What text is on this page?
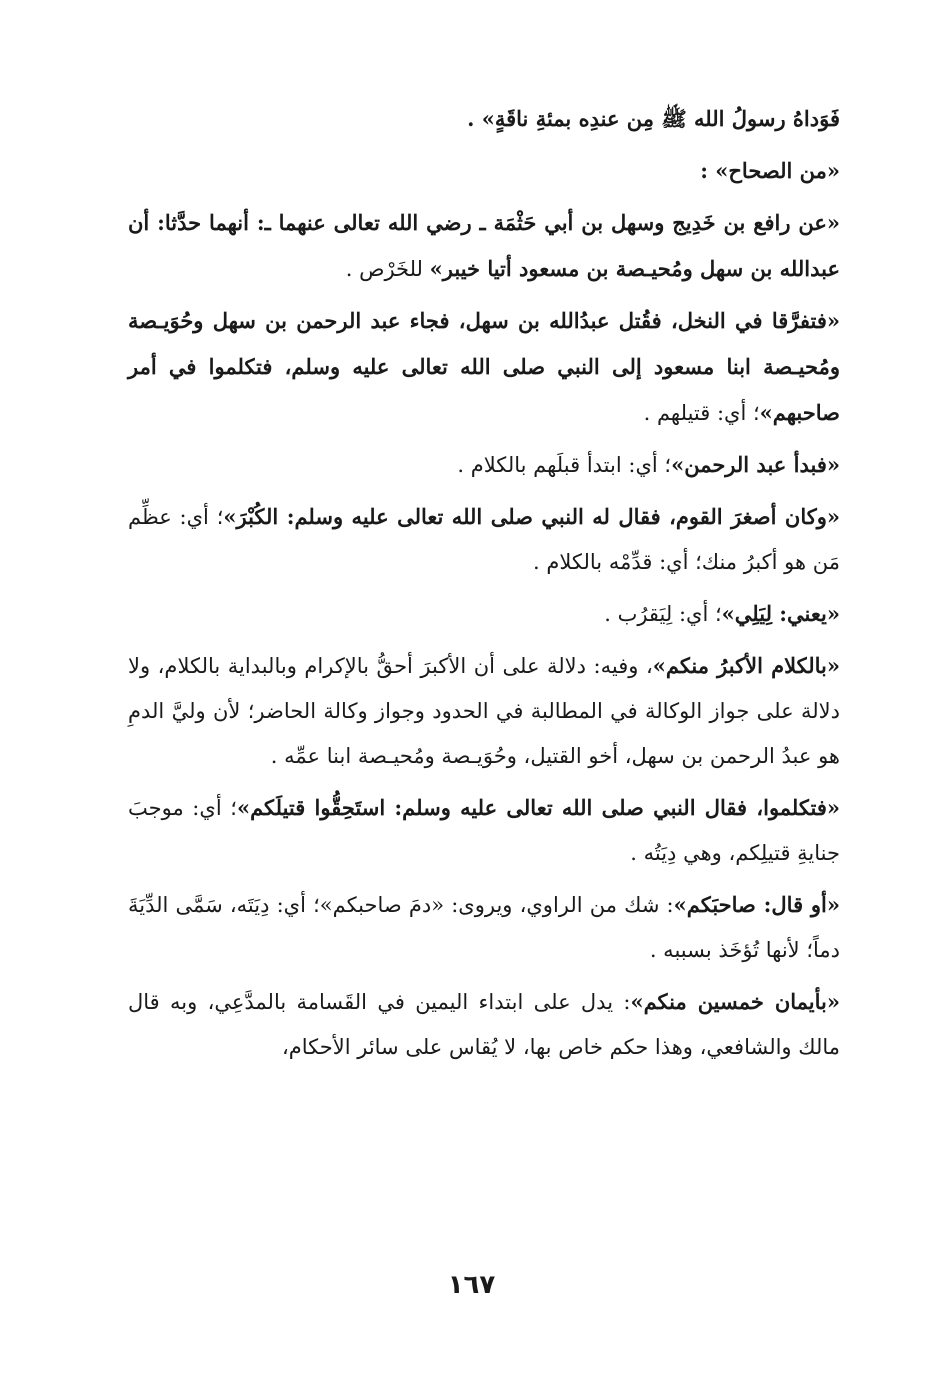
فَوَداهُ رسولُ الله ﷺ مِن عندِه بمئةِ ناقَةٍ» .

«من الصحاح» :

«عن رافع بن خَدِيج وسهل بن أبي حَثْمَة ـ رضي الله تعالى عنهما ـ: أنهما حدَّثا: أن عبدالله بن سهل ومُحيـصة بن مسعود أتيا خيبر» للخَرْص .

«فتفرَّقا في النخل، فقُتل عبدُالله بن سهل، فجاء عبد الرحمن بن سهل وحُوَيـصة ومُحيـصة ابنا مسعود إلى النبي صلى الله تعالى عليه وسلم، فتكلموا في أمر صاحبهم»؛ أي: قتيلهم .

«فبدأ عبد الرحمن»؛ أي: ابتدأ قبلَهم بالكلام .

«وكان أصغرَ القوم، فقال له النبي صلى الله تعالى عليه وسلم: الكُبْرَ»؛ أي: عظِّم مَن هو أكبرُ منك؛ أي: قدِّمْه بالكلام .

«يعني: لِيَلِي»؛ أي: لِيَقرُب .

«بالكلام الأكبرُ منكم»، وفيه: دلالة على أن الأكبرَ أحقُّ بالإكرام وبالبداية بالكلام، ولا دلالة على جواز الوكالة في المطالبة في الحدود وجواز وكالة الحاضر؛ لأن وليَّ الدمِ هو عبدُ الرحمن بن سهل، أخو القتيل، وحُوَيـصة ومُحيـصة ابنا عمِّه .

«فتكلموا، فقال النبي صلى الله تعالى عليه وسلم: استَحِقُّوا قتيلَكم»؛ أي: موجبَ جنايةِ قتيلِكم، وهي دِيَتُه .

«أو قال: صاحبَكم»: شك من الراوي، ويروى: «دمَ صاحبكم»؛ أي: دِيَتَه، سَمَّى الدِّيَةَ دماً؛ لأنها تُؤخَذ بسببه .

«بأيمان خمسين منكم»: يدل على ابتداء اليمين في القَسامة بالمدَّعِي، وبه قال مالك والشافعي، وهذا حكم خاص بها، لا يُقاس على سائر الأحكام،

١٦٧
